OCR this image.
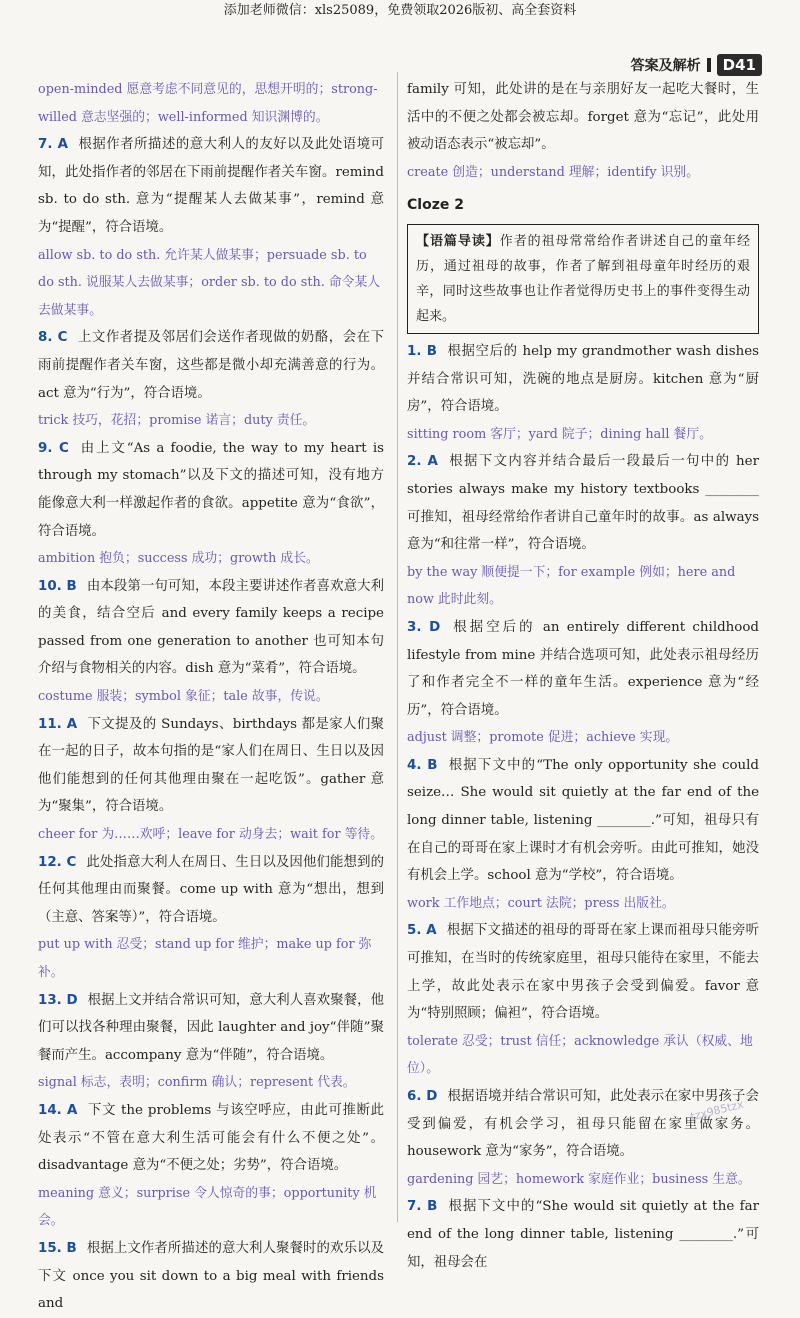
添加老师微信：xls25089，免费领取2026版初、高全套资料
答案及解析	D41

open-minded 愿意考虑不同意见的，思想开明的；strong-willed 意志坚强的；well-informed 知识渊博的。

7. A 根据作者所描述的意大利人的友好以及此处语境可知，此处指作者的邻居在下雨前提醒作者关车窗。remind sb. to do sth. 意为“提醒某人去做某事”，remind 意为“提醒”，符合语境。

allow sb. to do sth. 允许某人做某事；persuade sb. to do sth. 说服某人去做某事；order sb. to do sth. 命令某人去做某事。

8. C 上文作者提及邻居们会送作者现做的奶酪，会在下雨前提醒作者关车窗，这些都是微小却充满善意的行为。act 意为“行为”，符合语境。

trick 技巧，花招；promise 诺言；duty 责任。

9. C 由上文“As a foodie, the way to my heart is through my stomach”以及下文的描述可知，没有地方能像意大利一样激起作者的食欲。appetite 意为“食欲”，符合语境。

ambition 抱负；success 成功；growth 成长。

10. B 由本段第一句可知，本段主要讲述作者喜欢意大利的美食，结合空后 and every family keeps a recipe passed from one generation to another 也可知本句介绍与食物相关的内容。dish 意为“菜肴”，符合语境。

costume 服装；symbol 象征；tale 故事，传说。

11. A 下文提及的 Sundays、birthdays 都是家人们聚在一起的日子，故本句指的是“家人们在周日、生日以及因他们能想到的任何其他理由聚在一起吃饭”。gather 意为“聚集”，符合语境。

cheer for 为……欢呼；leave for 动身去；wait for 等待。

12. C 此处指意大利人在周日、生日以及因他们能想到的任何其他理由而聚餐。come up with 意为“想出，想到（主意、答案等）”，符合语境。

put up with 忍受；stand up for 维护；make up for 弥补。

13. D 根据上文并结合常识可知，意大利人喜欢聚餐，他们可以找各种理由聚餐，因此 laughter and joy“伴随”聚餐而产生。accompany 意为“伴随”，符合语境。

signal 标志，表明；confirm 确认；represent 代表。

14. A 下文 the problems 与该空呼应，由此可推断此处表示“不管在意大利生活可能会有什么不便之处”。disadvantage 意为“不便之处；劣势”，符合语境。

meaning 意义；surprise 令人惊奇的事；opportunity 机会。

15. B 根据上文作者所描述的意大利人聚餐时的欢乐以及下文 once you sit down to a big meal with friends and

family 可知，此处讲的是在与亲朋好友一起吃大餐时，生活中的不便之处都会被忘却。forget 意为“忘记”，此处用被动语态表示“被忘却”。

create 创造；understand 理解；identify 识别。

Cloze 2
【语篇导读】作者的祖母常常给作者讲述自己的童年经历，通过祖母的故事，作者了解到祖母童年时经历的艰辛，同时这些故事也让作者觉得历史书上的事件变得生动起来。

1. B 根据空后的 help my grandmother wash dishes 并结合常识可知，洗碗的地点是厨房。kitchen 意为“厨房”，符合语境。

sitting room 客厅；yard 院子；dining hall 餐厅。

2. A 根据下文内容并结合最后一段最后一句中的 her stories always make my history textbooks ________ 可推知，祖母经常给作者讲自己童年时的故事。as always 意为“和往常一样”，符合语境。

by the way 顺便提一下；for example 例如；here and now 此时此刻。

3. D 根据空后的 an entirely different childhood lifestyle from mine 并结合选项可知，此处表示祖母经历了和作者完全不一样的童年生活。experience 意为“经历”，符合语境。

adjust 调整；promote 促进；achieve 实现。

4. B 根据下文中的“The only opportunity she could seize… She would sit quietly at the far end of the long dinner table, listening ________.”可知，祖母只有在自己的哥哥在家上课时才有机会旁听。由此可推知，她没有机会上学。school 意为“学校”，符合语境。

work 工作地点；court 法院；press 出版社。

5. A 根据下文描述的祖母的哥哥在家上课而祖母只能旁听可推知，在当时的传统家庭里，祖母只能待在家里，不能去上学，故此处表示在家中男孩子会受到偏爱。favor 意为“特别照顾；偏袒”，符合语境。

tolerate 忍受；trust 信任；acknowledge 承认（权威、地位）。

6. D 根据语境并结合常识可知，此处表示在家中男孩子会受到偏爱，有机会学习，祖母只能留在家里做家务。housework 意为“家务”，符合语境。

gardening 园艺；homework 家庭作业；business 生意。

7. B 根据下文中的“She would sit quietly at the far end of the long dinner table, listening ________.”可知，祖母会在

tzx985tzx
